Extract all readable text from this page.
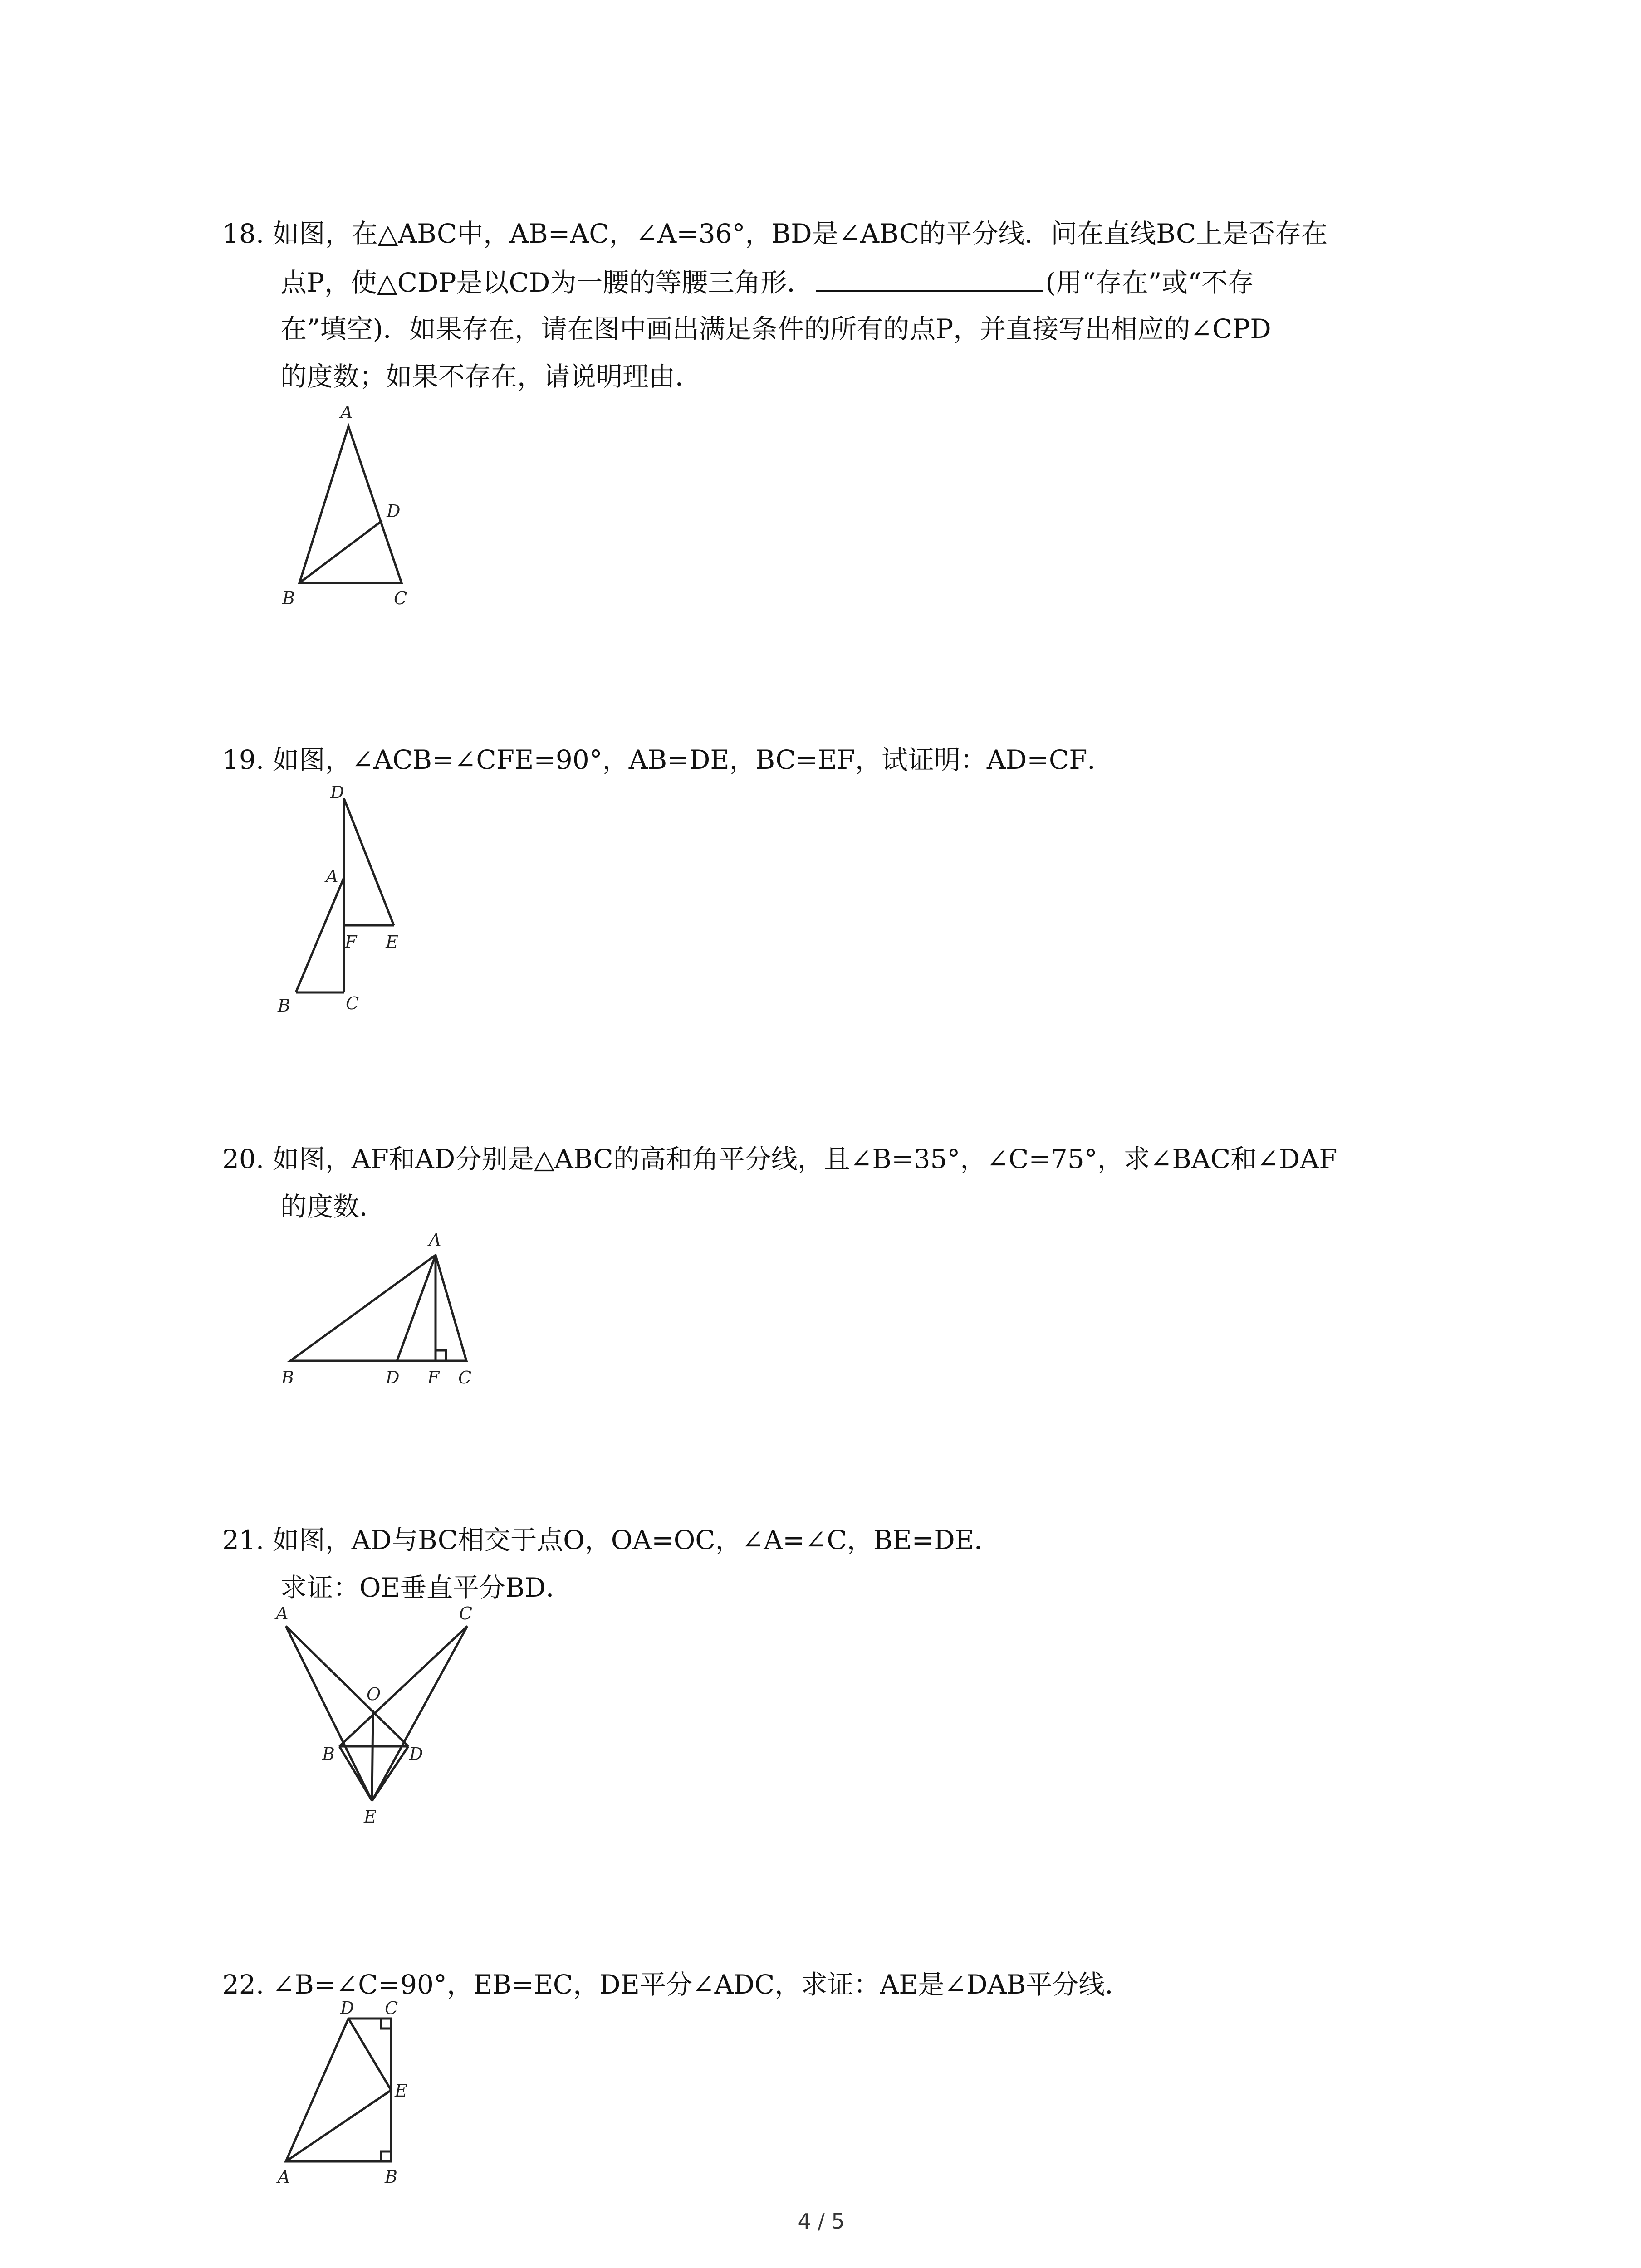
18. 如图，在△ABC中，AB=AC，∠A=36°，BD是∠ABC的平分线．问在直线BC上是否存在
点P，使△CDP是以CD为一腰的等腰三角形．	(用“存在”或“不存
在”填空)．如果存在，请在图中画出满足条件的所有的点P，并直接写出相应的∠CPD
的度数；如果不存在，请说明理由．
A
D
B	C
19. 如图，∠ACB=∠CFE=90°，AB=DE，BC=EF，试证明：AD=CF．
D
A
F E
B	C
20. 如图，AF和AD分别是△ABC的高和角平分线，且∠B=35°，∠C=75°，求∠BAC和∠DAF
的度数．
A
B	D F C
21. 如图，AD与BC相交于点O，OA=OC，∠A=∠C，BE=DE．
求证：OE垂直平分BD．
A	C
O
B	D
E
22. ∠B=∠C=90°，EB=EC，DE平分∠ADC，求证：AE是∠DAB平分线．
D C
E
A	B
4 / 5
